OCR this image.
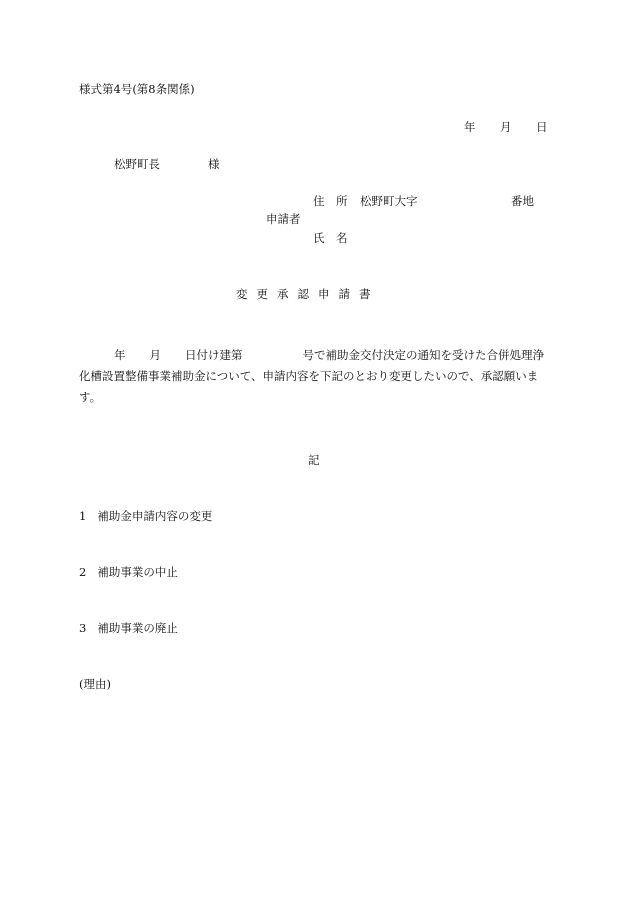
様式第4号(第8条関係)
年 月 日
松野町長	様
住　所 松野町大字	番地
申請者
氏　名
変更承認申請書
年 月 日付け建第	号で補助金交付決定の通知を受けた合併処理浄
化槽設置整備事業補助金について、申請内容を下記のとおり変更したいので、承認願いま
す。
記
1 補助金申請内容の変更
2 補助事業の中止
3 補助事業の廃止
(理由)
